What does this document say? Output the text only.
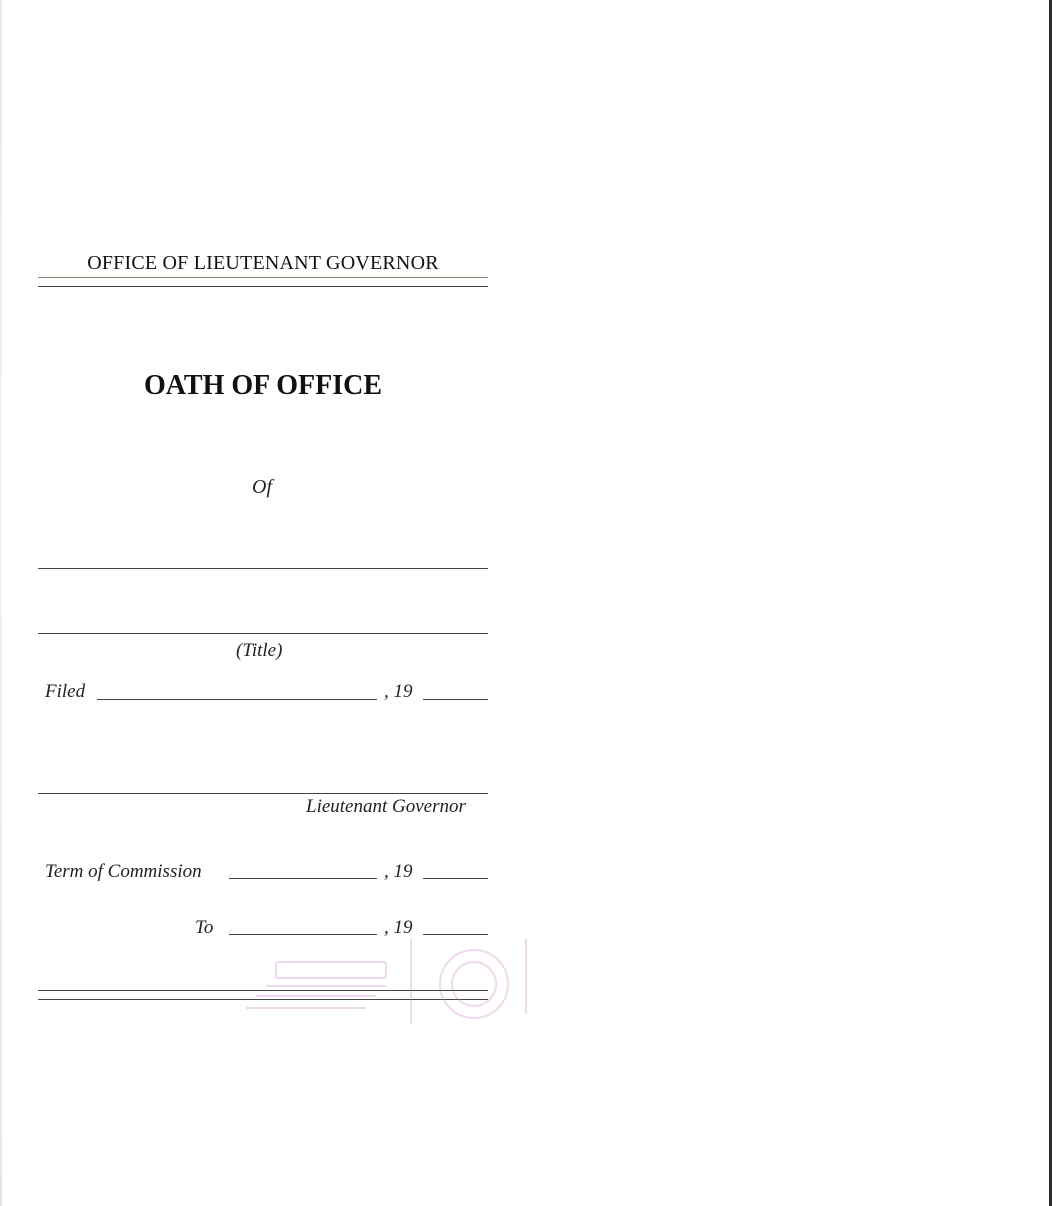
OFFICE OF LIEUTENANT GOVERNOR
OATH OF OFFICE
Of
(Title)
Filed	, 19
Lieutenant Governor
Term of Commission	, 19
To	, 19
